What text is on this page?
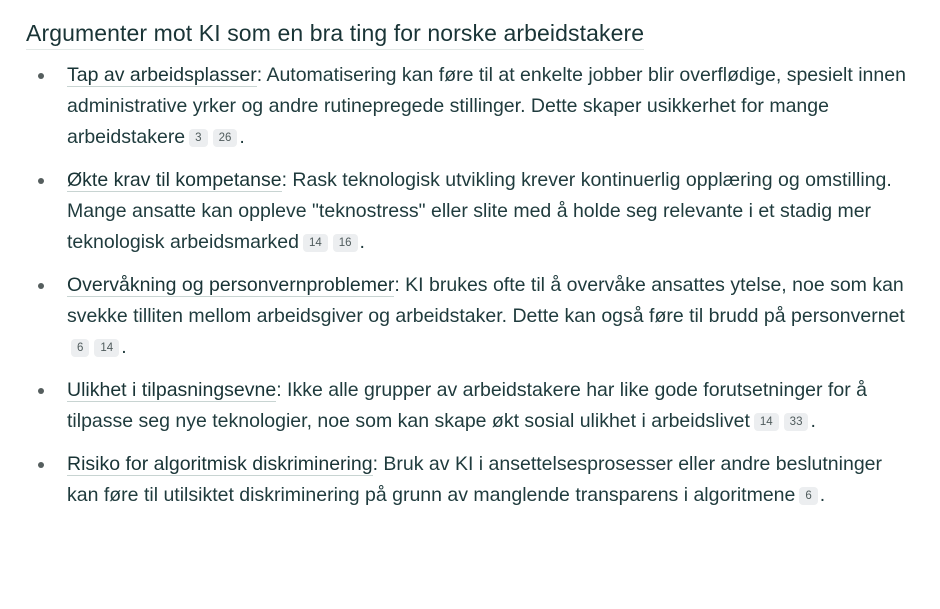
Argumenter mot KI som en bra ting for norske arbeidstakere
Tap av arbeidsplasser: Automatisering kan føre til at enkelte jobber blir overflødige, spesielt innen administrative yrker og andre rutinepregede stillinger. Dette skaper usikkerhet for mange arbeidstakere 3 26 .
Økte krav til kompetanse: Rask teknologisk utvikling krever kontinuerlig opplæring og omstilling. Mange ansatte kan oppleve "teknostress" eller slite med å holde seg relevante i et stadig mer teknologisk arbeidsmarked 14 16 .
Overvåkning og personvernproblemer: KI brukes ofte til å overvåke ansattes ytelse, noe som kan svekke tilliten mellom arbeidsgiver og arbeidstaker. Dette kan også føre til brudd på personvernet6 14 .
Ulikhet i tilpasningsevne: Ikke alle grupper av arbeidstakere har like gode forutsetninger for å tilpasse seg nye teknologier, noe som kan skape økt sosial ulikhet i arbeidslivet 14 33 .
Risiko for algoritmisk diskriminering: Bruk av KI i ansettelsesprosesser eller andre beslutninger kan føre til utilsiktet diskriminering på grunn av manglende transparens i algoritmene 6 .
